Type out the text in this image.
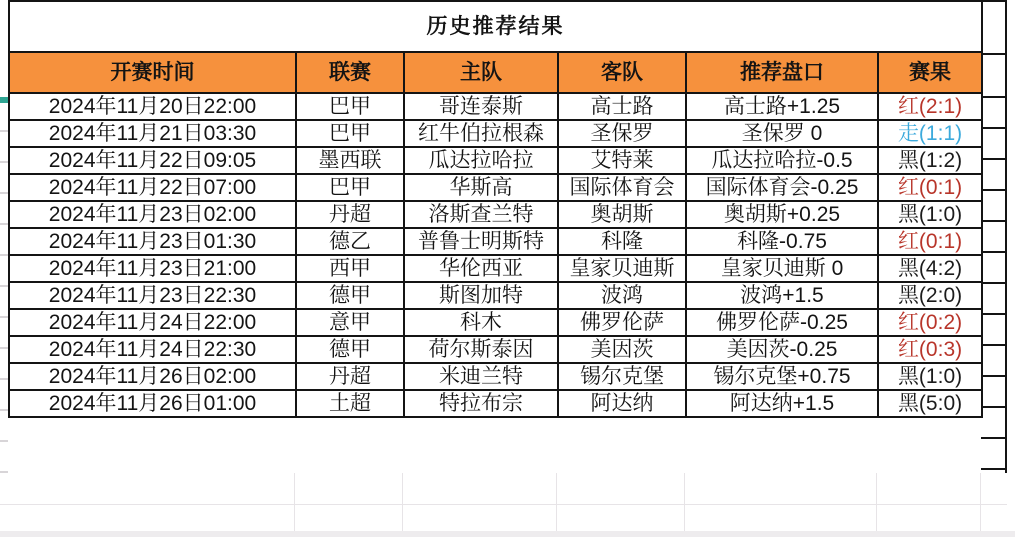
历史推荐结果					
开赛时间	联赛	主队	客队	推荐盘口	赛果
2024年11月20日22:00	巴甲	哥连泰斯	高士路	高士路+1.25	红(2:1)
2024年11月21日03:30	巴甲	红牛伯拉根森	圣保罗	圣保罗 0	走(1:1)
2024年11月22日09:05	墨西联	瓜达拉哈拉	艾特莱	瓜达拉哈拉-0.5	黑(1:2)
2024年11月22日07:00	巴甲	华斯高	国际体育会	国际体育会-0.25	红(0:1)
2024年11月23日02:00	丹超	洛斯查兰特	奥胡斯	奥胡斯+0.25	黑(1:0)
2024年11月23日01:30	德乙	普鲁士明斯特	科隆	科隆-0.75	红(0:1)
2024年11月23日21:00	西甲	华伦西亚	皇家贝迪斯	皇家贝迪斯 0	黑(4:2)
2024年11月23日22:30	德甲	斯图加特	波鸿	波鸿+1.5	黑(2:0)
2024年11月24日22:00	意甲	科木	佛罗伦萨	佛罗伦萨-0.25	红(0:2)
2024年11月24日22:30	德甲	荷尔斯泰因	美因茨	美因茨-0.25	红(0:3)
2024年11月26日02:00	丹超	米迪兰特	锡尔克堡	锡尔克堡+0.75	黑(1:0)
2024年11月26日01:00	土超	特拉布宗	阿达纳	阿达纳+1.5	黑(5:0)
